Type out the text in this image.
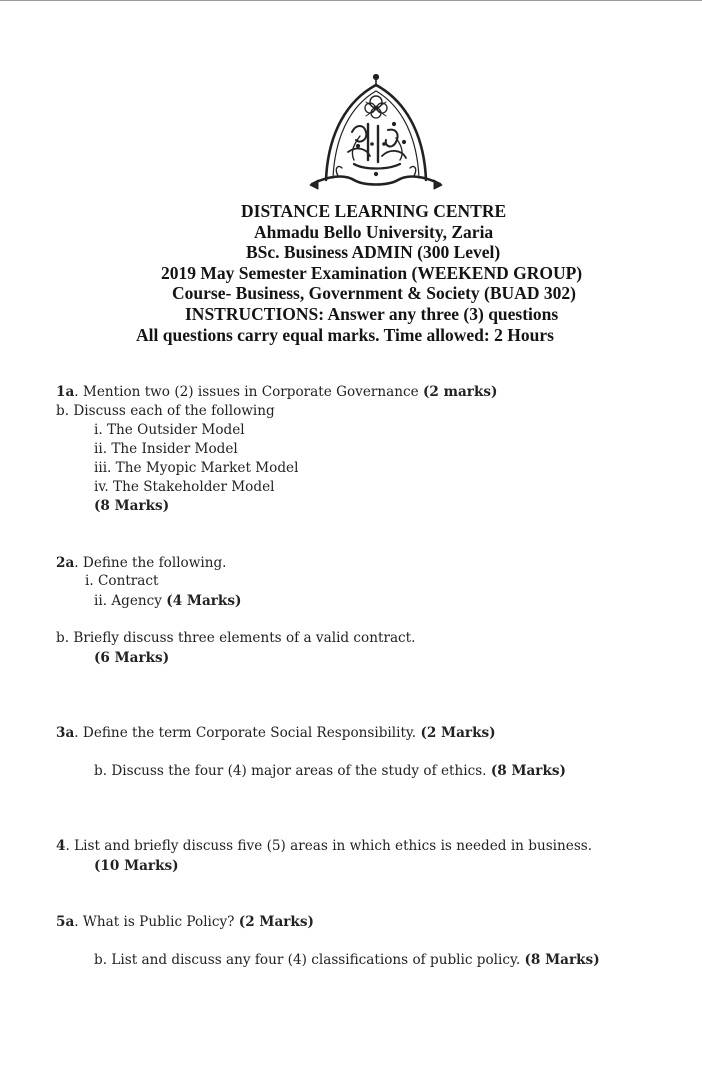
DISTANCE LEARNING CENTRE
Ahmadu Bello University, Zaria
BSc. Business ADMIN (300 Level)
2019 May Semester Examination (WEEKEND GROUP)
Course- Business, Government & Society (BUAD 302)
INSTRUCTIONS: Answer any three (3) questions
All questions carry equal marks. Time allowed: 2 Hours
1a. Mention two (2) issues in Corporate Governance (2 marks)
b. Discuss each of the following
i. The Outsider Model
ii. The Insider Model
iii. The Myopic Market Model
iv. The Stakeholder Model
(8 Marks)
2a. Define the following.
i. Contract
ii. Agency (4 Marks)
b. Briefly discuss three elements of a valid contract.
(6 Marks)
3a. Define the term Corporate Social Responsibility. (2 Marks)
b. Discuss the four (4) major areas of the study of ethics. (8 Marks)
4. List and briefly discuss five (5) areas in which ethics is needed in business.
(10 Marks)
5a. What is Public Policy? (2 Marks)
b. List and discuss any four (4) classifications of public policy. (8 Marks)
